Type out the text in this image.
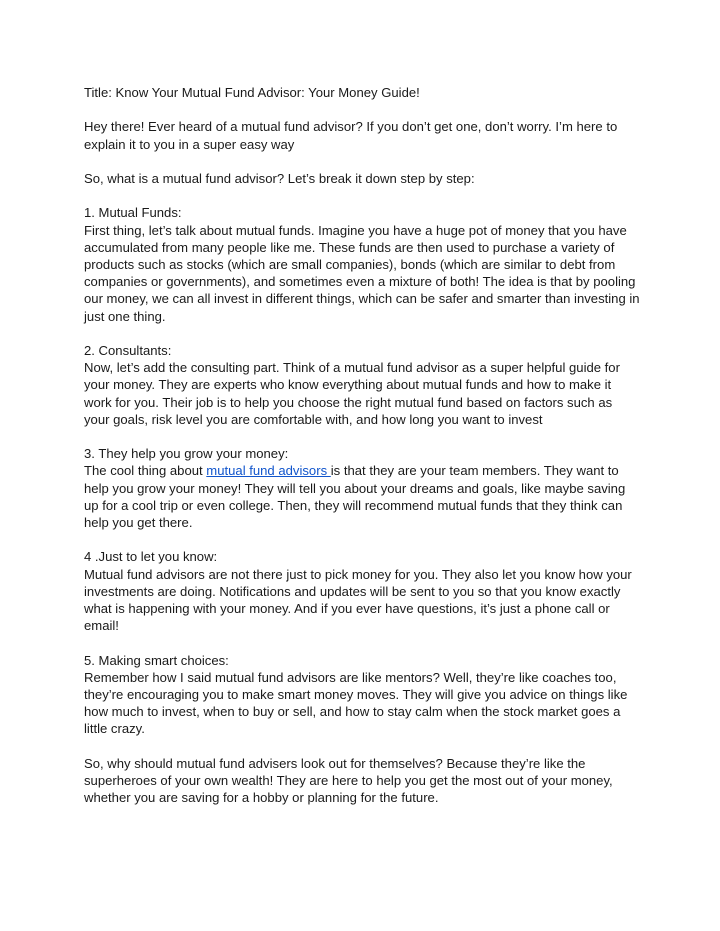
Title: Know Your Mutual Fund Advisor: Your Money Guide!

Hey there! Ever heard of a mutual fund advisor? If you don’t get one, don’t worry. I’m here to explain it to you in a super easy way

So, what is a mutual fund advisor? Let’s break it down step by step:

1. Mutual Funds:
First thing, let’s talk about mutual funds. Imagine you have a huge pot of money that you have accumulated from many people like me. These funds are then used to purchase a variety of products such as stocks (which are small companies), bonds (which are similar to debt from companies or governments), and sometimes even a mixture of both! The idea is that by pooling our money, we can all invest in different things, which can be safer and smarter than investing in just one thing.

2. Consultants:
Now, let’s add the consulting part. Think of a mutual fund advisor as a super helpful guide for your money. They are experts who know everything about mutual funds and how to make it work for you. Their job is to help you choose the right mutual fund based on factors such as your goals, risk level you are comfortable with, and how long you want to invest

3. They help you grow your money:
The cool thing about mutual fund advisors is that they are your team members. They want to help you grow your money! They will tell you about your dreams and goals, like maybe saving up for a cool trip or even college. Then, they will recommend mutual funds that they think can help you get there.

4 .Just to let you know:
Mutual fund advisors are not there just to pick money for you. They also let you know how your investments are doing. Notifications and updates will be sent to you so that you know exactly what is happening with your money. And if you ever have questions, it’s just a phone call or email!

5. Making smart choices:
Remember how I said mutual fund advisors are like mentors? Well, they’re like coaches too, they’re encouraging you to make smart money moves. They will give you advice on things like how much to invest, when to buy or sell, and how to stay calm when the stock market goes a little crazy.

So, why should mutual fund advisers look out for themselves? Because they’re like the superheroes of your own wealth! They are here to help you get the most out of your money, whether you are saving for a hobby or planning for the future.
